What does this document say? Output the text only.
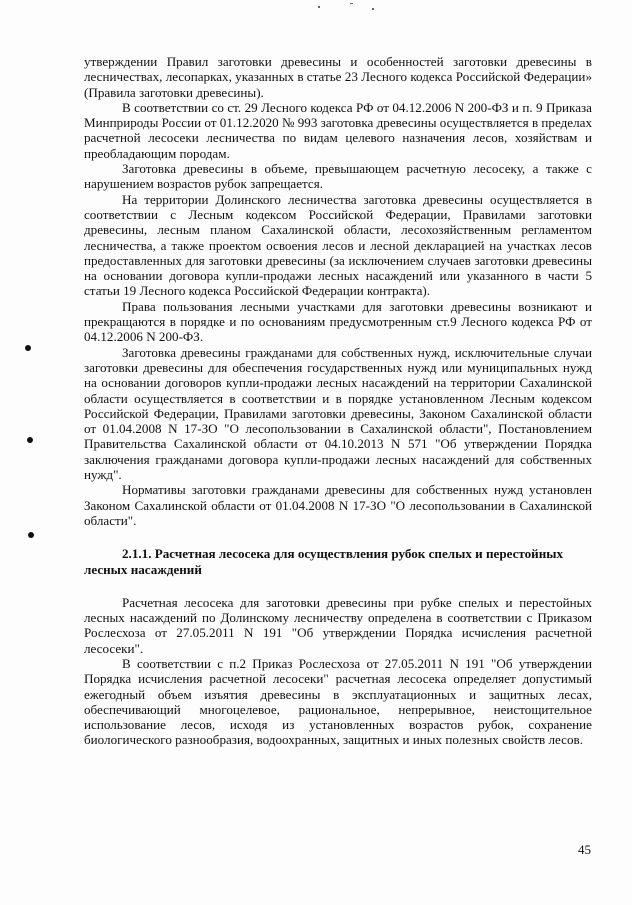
утверждении Правил заготовки древесины и особенностей заготовки древесины в лесничествах, лесопарках, указанных в статье 23 Лесного кодекса Российской Федерации» (Правила заготовки древесины).

В соответствии со ст. 29 Лесного кодекса РФ от 04.12.2006 N 200-ФЗ и п. 9 Приказа Минприроды России от 01.12.2020 № 993 заготовка древесины осуществляется в пределах расчетной лесосеки лесничества по видам целевого назначения лесов, хозяйствам и преобладающим породам.

Заготовка древесины в объеме, превышающем расчетную лесосеку, а также с нарушением возрастов рубок запрещается.

На территории Долинского лесничества заготовка древесины осуществляется в соответствии с Лесным кодексом Российской Федерации, Правилами заготовки древесины, лесным планом Сахалинской области, лесохозяйственным регламентом лесничества, а также проектом освоения лесов и лесной декларацией на участках лесов предоставленных для заготовки древесины (за исключением случаев заготовки древесины на основании договора купли-продажи лесных насаждений или указанного в части 5 статьи 19 Лесного кодекса Российской Федерации контракта).

Права пользования лесными участками для заготовки древесины возникают и прекращаются в порядке и по основаниям предусмотренным ст.9 Лесного кодекса РФ от 04.12.2006 N 200-ФЗ.

Заготовка древесины гражданами для собственных нужд, исключительные случаи заготовки древесины для обеспечения государственных нужд или муниципальных нужд на основании договоров купли-продажи лесных насаждений на территории Сахалинской области осуществляется в соответствии и в порядке установленном Лесным кодексом Российской Федерации, Правилами заготовки древесины, Законом Сахалинской области от 01.04.2008 N 17-ЗО "О лесопользовании в Сахалинской области", Постановлением Правительства Сахалинской области от 04.10.2013 N 571 "Об утверждении Порядка заключения гражданами договора купли-продажи лесных насаждений для собственных нужд".

Нормативы заготовки гражданами древесины для собственных нужд установлен Законом Сахалинской области от 01.04.2008 N 17-ЗО "О лесопользовании в Сахалинской области".

2.1.1. Расчетная лесосека для осуществления рубок спелых и перестойных лесных насаждений

Расчетная лесосека для заготовки древесины при рубке спелых и перестойных лесных насаждений по Долинскому лесничеству определена в соответствии с Приказом Рослесхоза от 27.05.2011 N 191 "Об утверждении Порядка исчисления расчетной лесосеки".

В соответствии с п.2 Приказ Рослесхоза от 27.05.2011 N 191 "Об утверждении Порядка исчисления расчетной лесосеки" расчетная лесосека определяет допустимый ежегодный объем изъятия древесины в эксплуатационных и защитных лесах, обеспечивающий многоцелевое, рациональное, непрерывное, неистощительное использование лесов, исходя из установленных возрастов рубок, сохранение биологического разнообразия, водоохранных, защитных и иных полезных свойств лесов.

45
